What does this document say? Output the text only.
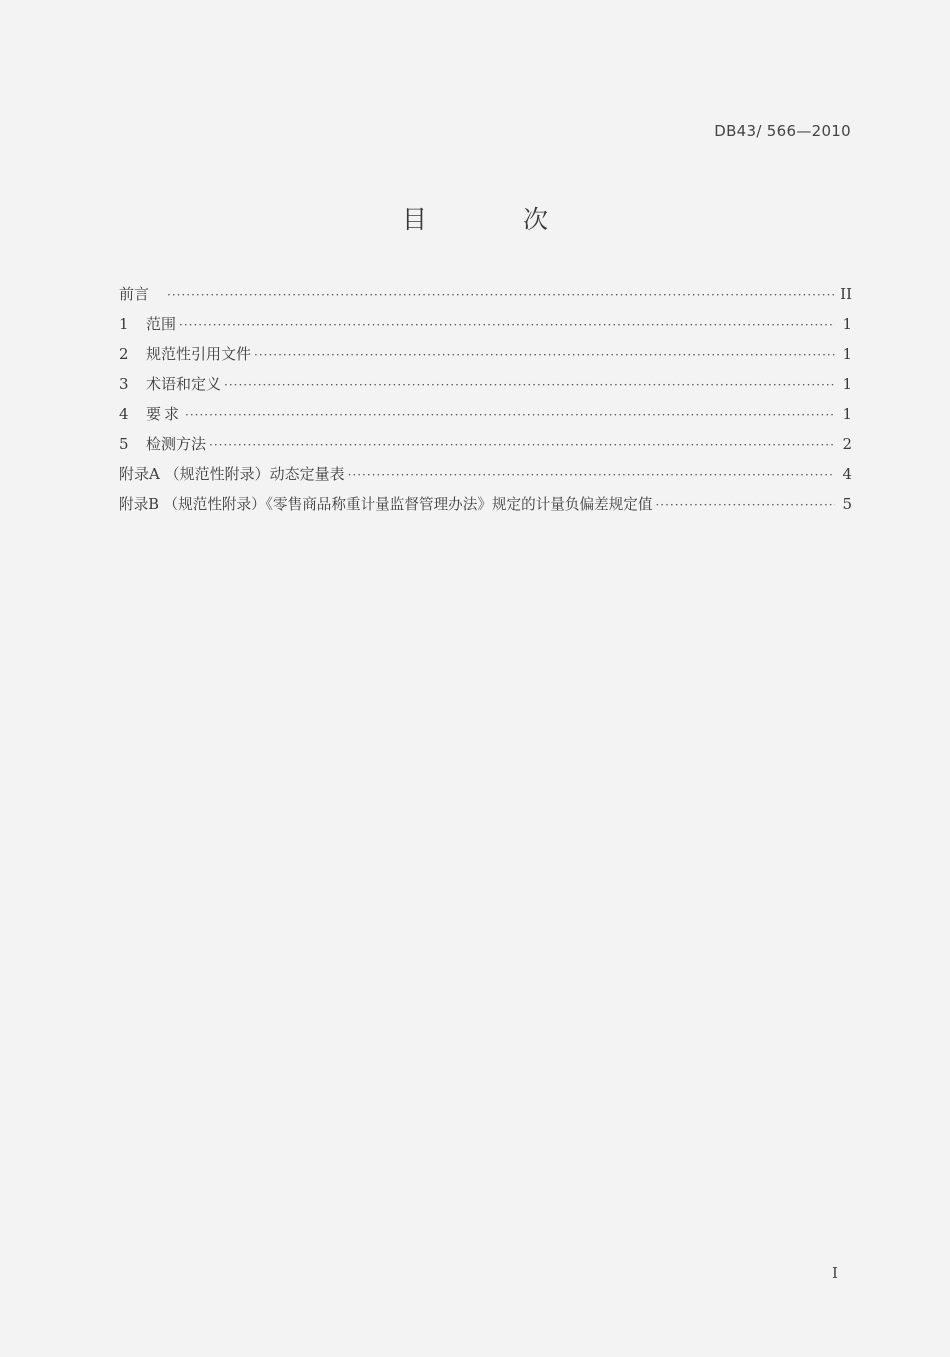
DB43/ 566—2010
目 次
前言 ·····	II
1 范围 ·····	1
2 规范性引用文件 ·····	1
3 术语和定义 ·····	1
4 要求 ·····	1
5 检测方法 ·····	2
附录A （规范性附录）动态定量表 ·····	4
附录B （规范性附录）《零售商品称重计量监督管理办法》规定的计量负偏差规定值 ·····	5
I
